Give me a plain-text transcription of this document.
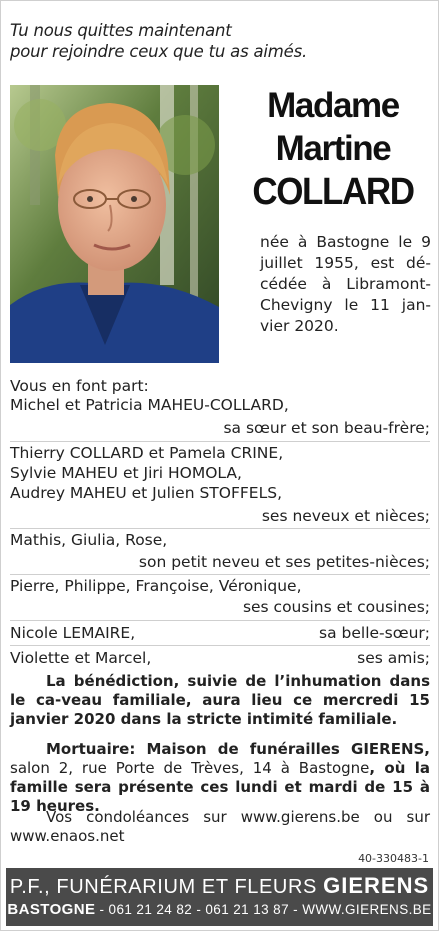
Tu nous quittes maintenant
pour rejoindre ceux que tu as aimés.
Madame
Martine
COLLARD
née à Bastogne le 9 juillet 1955, est dé-cédée à Libramont-Chevigny le 11 jan-vier 2020.
Vous en font part:
Michel et Patricia MAHEU-COLLARD,
sa sœur et son beau-frère;
Thierry COLLARD et Pamela CRINE,
Sylvie MAHEU et Jiri HOMOLA,
Audrey MAHEU et Julien STOFFELS,
ses neveux et nièces;
Mathis, Giulia, Rose,
son petit neveu et ses petites-nièces;
Pierre, Philippe, Françoise, Véronique,
ses cousins et cousines;
Nicole LEMAIRE,	sa belle-sœur;
Violette et Marcel,	ses amis;
La bénédiction, suivie de l’inhumation dans le ca-veau familiale, aura lieu ce mercredi 15 janvier 2020 dans la stricte intimité familiale.
Mortuaire: Maison de funérailles GIERENS, salon 2, rue Porte de Trèves, 14 à Bastogne, où la famille sera présente ces lundi et mardi de 15 à 19 heures.
Vos condoléances sur www.gierens.be ou sur www.enaos.net
40-330483-1
P.F., FUNÉRARIUM ET FLEURS GIERENS
BASTOGNE - 061 21 24 82 - 061 21 13 87 - WWW.GIERENS.BE
